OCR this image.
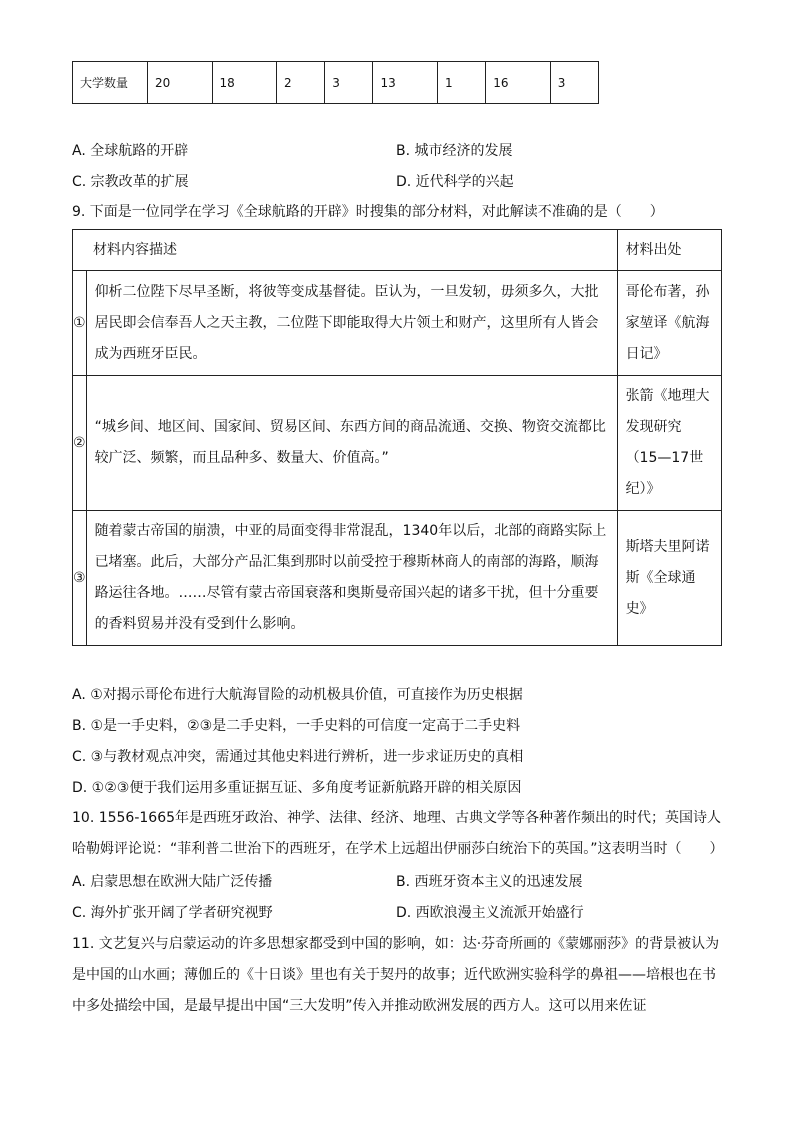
大学数量	20	18	2	3	13	1	16	3
A. 全球航路的开辟	B. 城市经济的发展
C. 宗教改革的扩展	D. 近代科学的兴起
9. 下面是一位同学在学习《全球航路的开辟》时搜集的部分材料，对此解读不准确的是（　　）
材料内容描述		材料出处
①	仰析二位陛下尽早圣断，将彼等变成基督徒。臣认为，一旦发轫，毋须多久，大批居民即会信奉吾人之天主教，二位陛下即能取得大片领土和财产，这里所有人皆会成为西班牙臣民。	哥伦布著，孙家堃译《航海日记》
②	“城乡间、地区间、国家间、贸易区间、东西方间的商品流通、交换、物资交流都比较广泛、频繁，而且品种多、数量大、价值高。”	张箭《地理大发现研究（15—17世纪）》
③	随着蒙古帝国的崩溃，中亚的局面变得非常混乱，1340年以后，北部的商路实际上已堵塞。此后，大部分产品汇集到那时以前受控于穆斯林商人的南部的海路，顺海路运往各地。……尽管有蒙古帝国衰落和奥斯曼帝国兴起的诸多干扰，但十分重要的香料贸易并没有受到什么影响。	斯塔夫里阿诺斯《全球通史》
A. ①对揭示哥伦布进行大航海冒险的动机极具价值，可直接作为历史根据
B. ①是一手史料，②③是二手史料，一手史料的可信度一定高于二手史料
C. ③与教材观点冲突，需通过其他史料进行辨析，进一步求证历史的真相
D. ①②③便于我们运用多重证据互证、多角度考证新航路开辟的相关原因
10. 1556-1665年是西班牙政治、神学、法律、经济、地理、古典文学等各种著作频出的时代；英国诗人哈勒姆评论说：“菲利普二世治下的西班牙，在学术上远超出伊丽莎白统治下的英国。”这表明当时（　　）
A. 启蒙思想在欧洲大陆广泛传播	B. 西班牙资本主义的迅速发展
C. 海外扩张开阔了学者研究视野	D. 西欧浪漫主义流派开始盛行
11. 文艺复兴与启蒙运动的许多思想家都受到中国的影响，如：达·芬奇所画的《蒙娜丽莎》的背景被认为是中国的山水画；薄伽丘的《十日谈》里也有关于契丹的故事；近代欧洲实验科学的鼻祖——培根也在书中多处描绘中国，是最早提出中国“三大发明”传入并推动欧洲发展的西方人。这可以用来佐证
